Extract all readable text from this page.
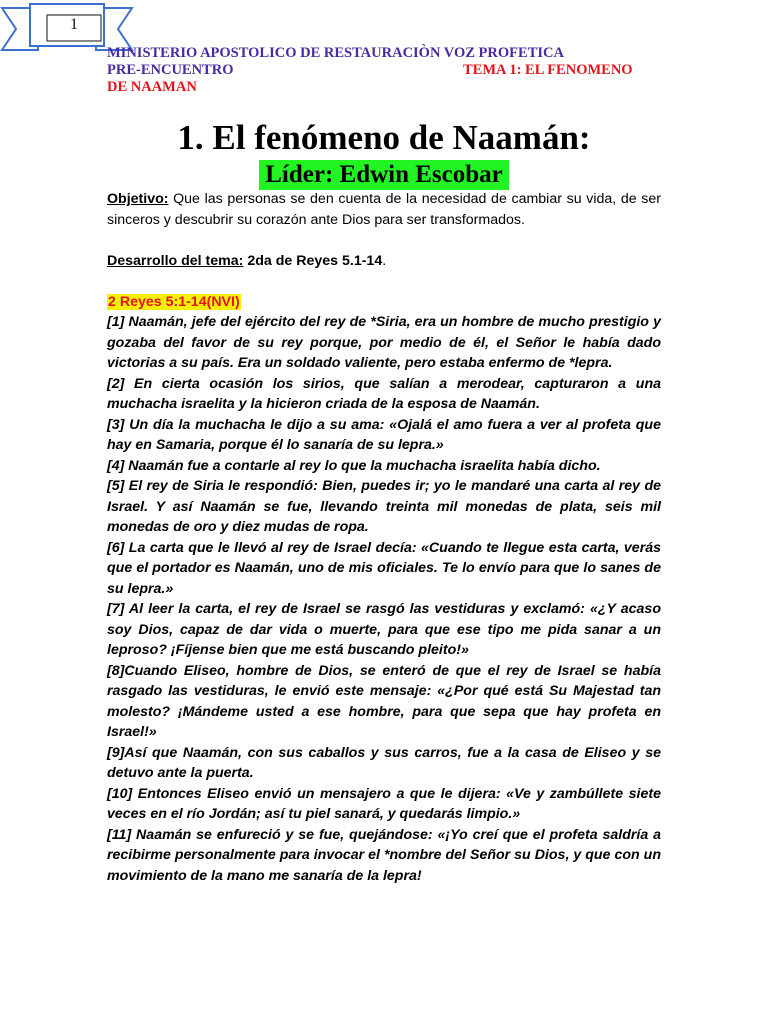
1
MINISTERIO APOSTOLICO DE RESTAURACIÒN VOZ PROFETICA
PRE-ENCUENTRO	TEMA 1: EL FENOMENO
DE NAAMAN
1. El fenómeno de Naamán:
Líder: Edwin Escobar

Objetivo: Que las personas se den cuenta de la necesidad de cambiar su vida, de ser sinceros y descubrir su corazón ante Dios para ser transformados.

Desarrollo del tema: 2da de Reyes 5.1-14.

2 Reyes 5:1-14(NVI)

[1] Naamán, jefe del ejército del rey de *Siria, era un hombre de mucho prestigio y gozaba del favor de su rey porque, por medio de él, el Señor le había dado victorias a su país. Era un soldado valiente, pero estaba enfermo de *lepra.

[2] En cierta ocasión los sirios, que salían a merodear, capturaron a una muchacha israelita y la hicieron criada de la esposa de Naamán.

[3] Un día la muchacha le dijo a su ama: «Ojalá el amo fuera a ver al profeta que hay en Samaria, porque él lo sanaría de su lepra.»

[4] Naamán fue a contarle al rey lo que la muchacha israelita había dicho.

[5] El rey de Siria le respondió: Bien, puedes ir; yo le mandaré una carta al rey de Israel. Y así Naamán se fue, llevando treinta mil monedas de plata, seis mil monedas de oro y diez mudas de ropa.

[6] La carta que le llevó al rey de Israel decía: «Cuando te llegue esta carta, verás que el portador es Naamán, uno de mis oficiales. Te lo envío para que lo sanes de su lepra.»

[7] Al leer la carta, el rey de Israel se rasgó las vestiduras y exclamó: «¿Y acaso soy Dios, capaz de dar vida o muerte, para que ese tipo me pida sanar a un leproso? ¡Fíjense bien que me está buscando pleito!»

[8]Cuando Eliseo, hombre de Dios, se enteró de que el rey de Israel se había rasgado las vestiduras, le envió este mensaje: «¿Por qué está Su Majestad tan molesto? ¡Mándeme usted a ese hombre, para que sepa que hay profeta en Israel!»

[9]Así que Naamán, con sus caballos y sus carros, fue a la casa de Eliseo y se detuvo ante la puerta.

[10] Entonces Eliseo envió un mensajero a que le dijera: «Ve y zambúllete siete veces en el río Jordán; así tu piel sanará, y quedarás limpio.»

[11] Naamán se enfureció y se fue, quejándose: «¡Yo creí que el profeta saldría a recibirme personalmente para invocar el *nombre del Señor su Dios, y que con un movimiento de la mano me sanaría de la lepra!
